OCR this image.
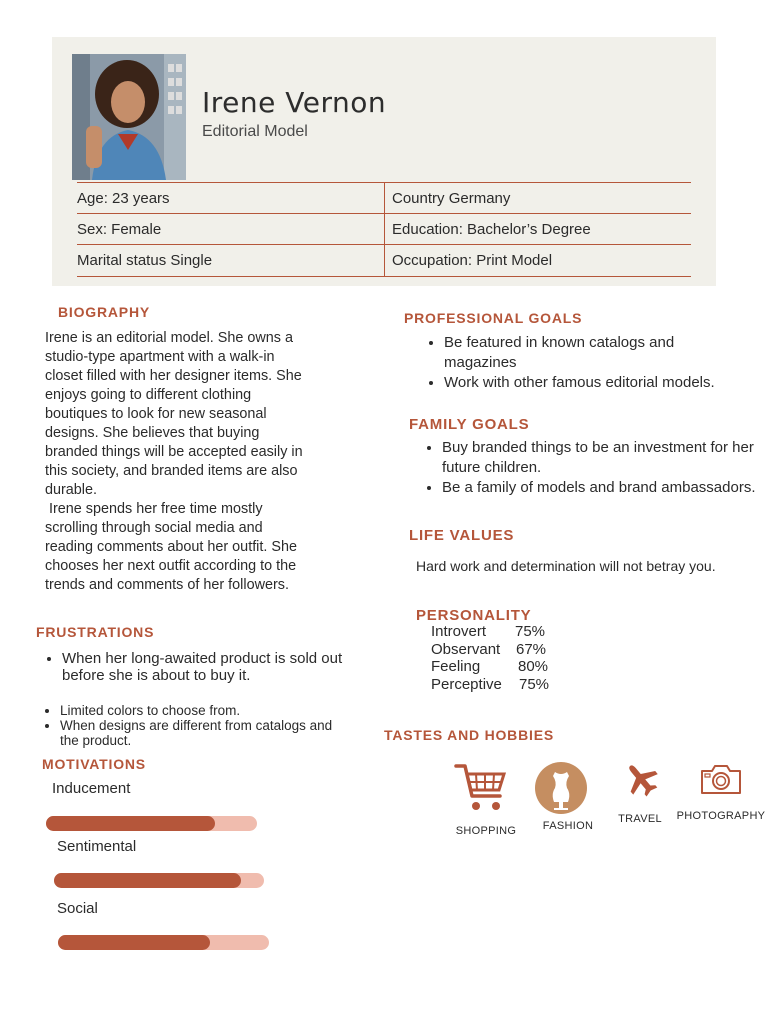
Irene Vernon
Editorial Model
Age: 23 years	Country Germany
Sex: Female	Education: Bachelor’s Degree
Marital status Single	Occupation: Print Model
BIOGRAPHY
Irene is an editorial model. She owns a
studio-type apartment with a walk-in
closet filled with her designer items. She
enjoys going to different clothing
boutiques to look for new seasonal
designs. She believes that buying
branded things will be accepted easily in
this society, and branded items are also
durable.
Irene spends her free time mostly
scrolling through social media and
reading comments about her outfit. She
chooses her next outfit according to the
trends and comments of her followers.
FRUSTRATIONS
• When her long-awaited product is sold out before she is about to buy it.
• Limited colors to choose from.
• When designs are different from catalogs and the product.
MOTIVATIONS
Inducement
Sentimental
Social
PROFESSIONAL GOALS
• Be featured in known catalogs and magazines
• Work with other famous editorial models.
FAMILY GOALS
• Buy branded things to be an investment for her future children.
• Be a family of models and brand ambassadors.
LIFE VALUES
Hard work and determination will not betray you.
PERSONALITY
Introvert 75%
Observant 67%
Feeling	80%
Perceptive 75%
TASTES AND HOBBIES
SHOPPING	FASHION
TRAVEL	PHOTOGRAPHY
